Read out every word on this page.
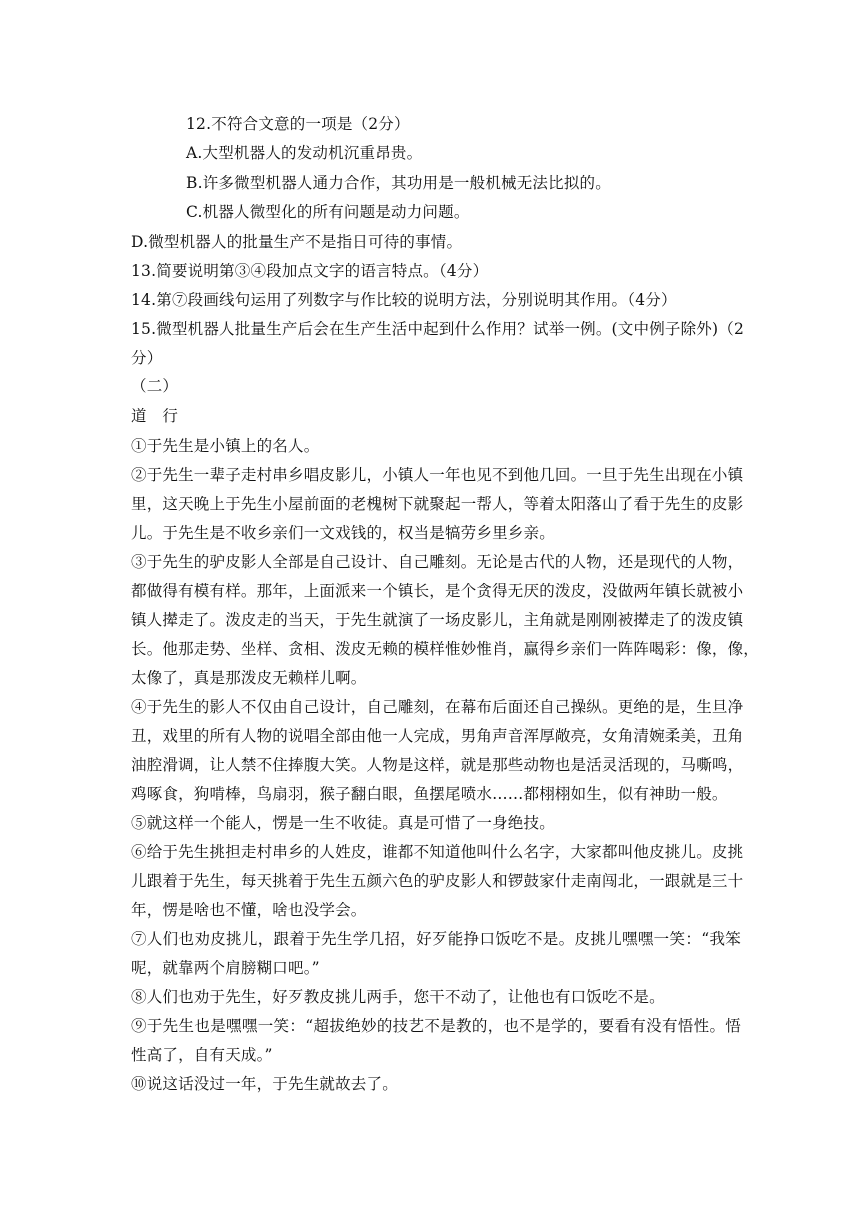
12.不符合文意的一项是（2分）
A.大型机器人的发动机沉重昂贵。
B.许多微型机器人通力合作，其功用是一般机械无法比拟的。
C.机器人微型化的所有问题是动力问题。
D.微型机器人的批量生产不是指日可待的事情。
13.简要说明第③④段加点文字的语言特点。（4分）
14.第⑦段画线句运用了列数字与作比较的说明方法，分别说明其作用。（4分）
15.微型机器人批量生产后会在生产生活中起到什么作用？试举一例。(文中例子除外)（2
分）
（二）
道　行
①于先生是小镇上的名人。
②于先生一辈子走村串乡唱皮影儿，小镇人一年也见不到他几回。一旦于先生出现在小镇
里，这天晚上于先生小屋前面的老槐树下就聚起一帮人，等着太阳落山了看于先生的皮影
儿。于先生是不收乡亲们一文戏钱的，权当是犒劳乡里乡亲。
③于先生的驴皮影人全部是自己设计、自己雕刻。无论是古代的人物，还是现代的人物，
都做得有模有样。那年，上面派来一个镇长，是个贪得无厌的泼皮，没做两年镇长就被小
镇人撵走了。泼皮走的当天，于先生就演了一场皮影儿，主角就是刚刚被撵走了的泼皮镇
长。他那走势、坐样、贪相、泼皮无赖的模样惟妙惟肖，赢得乡亲们一阵阵喝彩：像，像，
太像了，真是那泼皮无赖样儿啊。
④于先生的影人不仅由自己设计，自己雕刻，在幕布后面还自己操纵。更绝的是，生旦净
丑，戏里的所有人物的说唱全部由他一人完成，男角声音浑厚敞亮，女角清婉柔美，丑角
油腔滑调，让人禁不住捧腹大笑。人物是这样，就是那些动物也是活灵活现的，马嘶鸣，
鸡啄食，狗啃棒，鸟扇羽，猴子翻白眼，鱼摆尾喷水……都栩栩如生，似有神助一般。
⑤就这样一个能人，愣是一生不收徒。真是可惜了一身绝技。
⑥给于先生挑担走村串乡的人姓皮，谁都不知道他叫什么名字，大家都叫他皮挑儿。皮挑
儿跟着于先生，每天挑着于先生五颜六色的驴皮影人和锣鼓家什走南闯北，一跟就是三十
年，愣是啥也不懂，啥也没学会。
⑦人们也劝皮挑儿，跟着于先生学几招，好歹能挣口饭吃不是。皮挑儿嘿嘿一笑：“我笨
呢，就靠两个肩膀糊口吧。”
⑧人们也劝于先生，好歹教皮挑儿两手，您干不动了，让他也有口饭吃不是。
⑨于先生也是嘿嘿一笑：“超拔绝妙的技艺不是教的，也不是学的，要看有没有悟性。悟
性高了，自有天成。”
⑩说这话没过一年，于先生就故去了。
